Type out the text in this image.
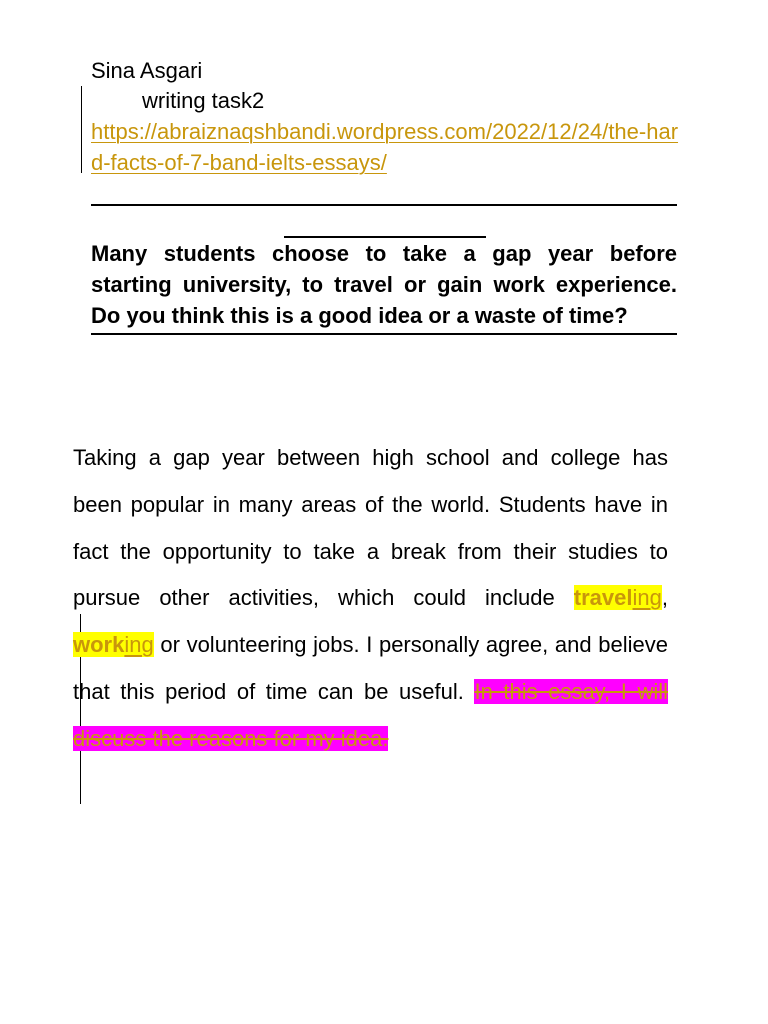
Sina Asgari
writing task2
https://abraiznaqshbandi.wordpress.com/2022/12/24/the-hard-facts-of-7-band-ielts-essays/
Many students choose to take a gap year before starting university, to travel or gain work experience. Do you think this is a good idea or a waste of time?

Taking a gap year between high school and college has been popular in many areas of the world. Students have in fact the opportunity to take a break from their studies to pursue other activities, which could include traveling, working or volunteering jobs. I personally agree, and believe that this period of time can be useful. In this essay, I will discuss the reasons for my idea.
